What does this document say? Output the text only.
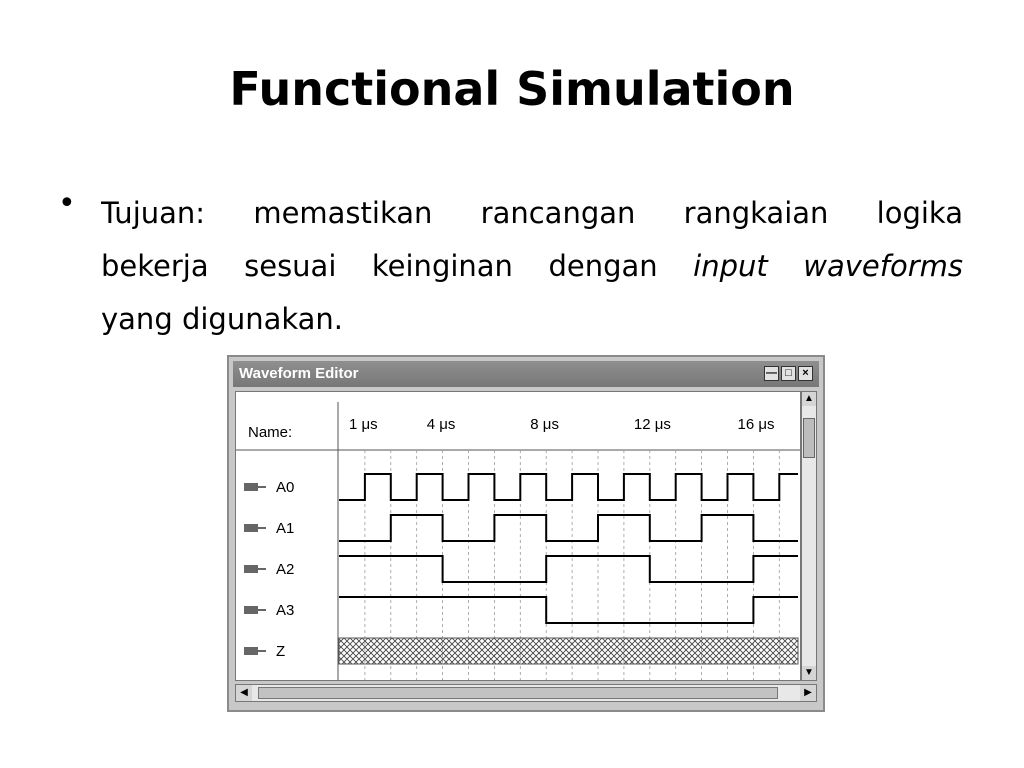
Functional Simulation
• Tujuan: memastikan rancangan rangkaian logika
bekerja sesuai keinginan dengan input waveforms
yang digunakan.
Waveform Editor	— □ ×
Name:	1 μs	4 μs	8 μs	12 μs	16 μs
A0
A1
A2
A3
Z
▲
▼
◀	▶
